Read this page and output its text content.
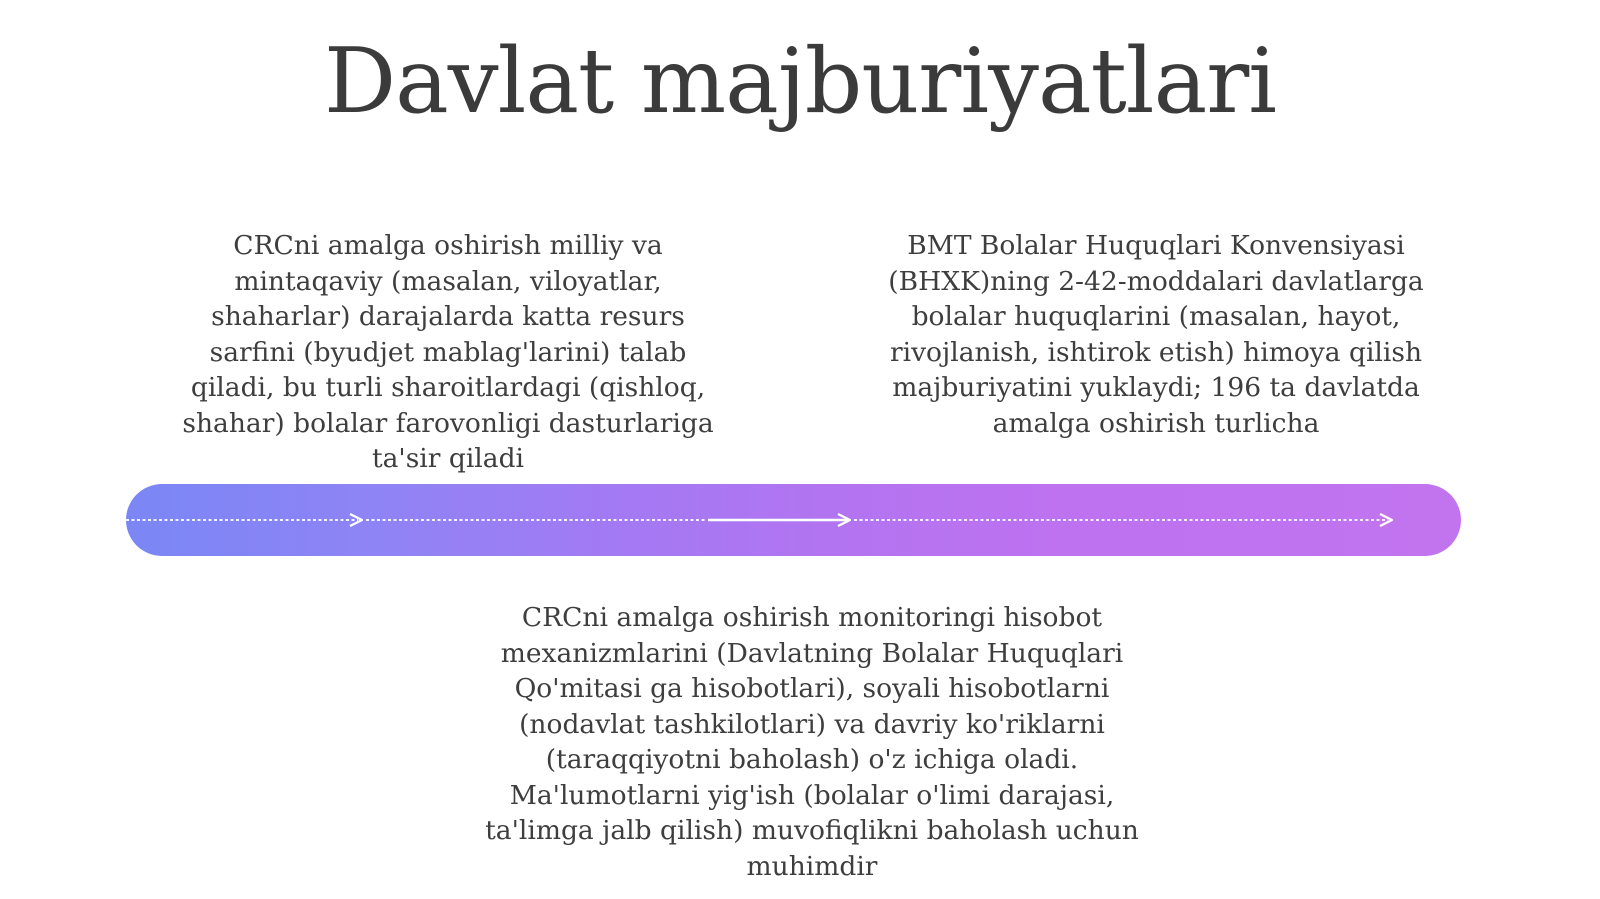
Davlat majburiyatlari

CRCni amalga oshirish milliy va
mintaqaviy (masalan, viloyatlar,
shaharlar) darajalarda katta resurs
sarfini (byudjet mablag'larini) talab
qiladi, bu turli sharoitlardagi (qishloq,
shahar) bolalar farovonligi dasturlariga
ta'sir qiladi

BMT Bolalar Huquqlari Konvensiyasi
(BHXK)ning 2-42-moddalari davlatlarga
bolalar huquqlarini (masalan, hayot,
rivojlanish, ishtirok etish) himoya qilish
majburiyatini yuklaydi; 196 ta davlatda
amalga oshirish turlicha

CRCni amalga oshirish monitoringi hisobot
mexanizmlarini (Davlatning Bolalar Huquqlari
Qo'mitasi ga hisobotlari), soyali hisobotlarni
(nodavlat tashkilotlari) va davriy ko'riklarni
(taraqqiyotni baholash) o'z ichiga oladi.
Ma'lumotlarni yig'ish (bolalar o'limi darajasi,
ta'limga jalb qilish) muvofiqlikni baholash uchun
muhimdir
